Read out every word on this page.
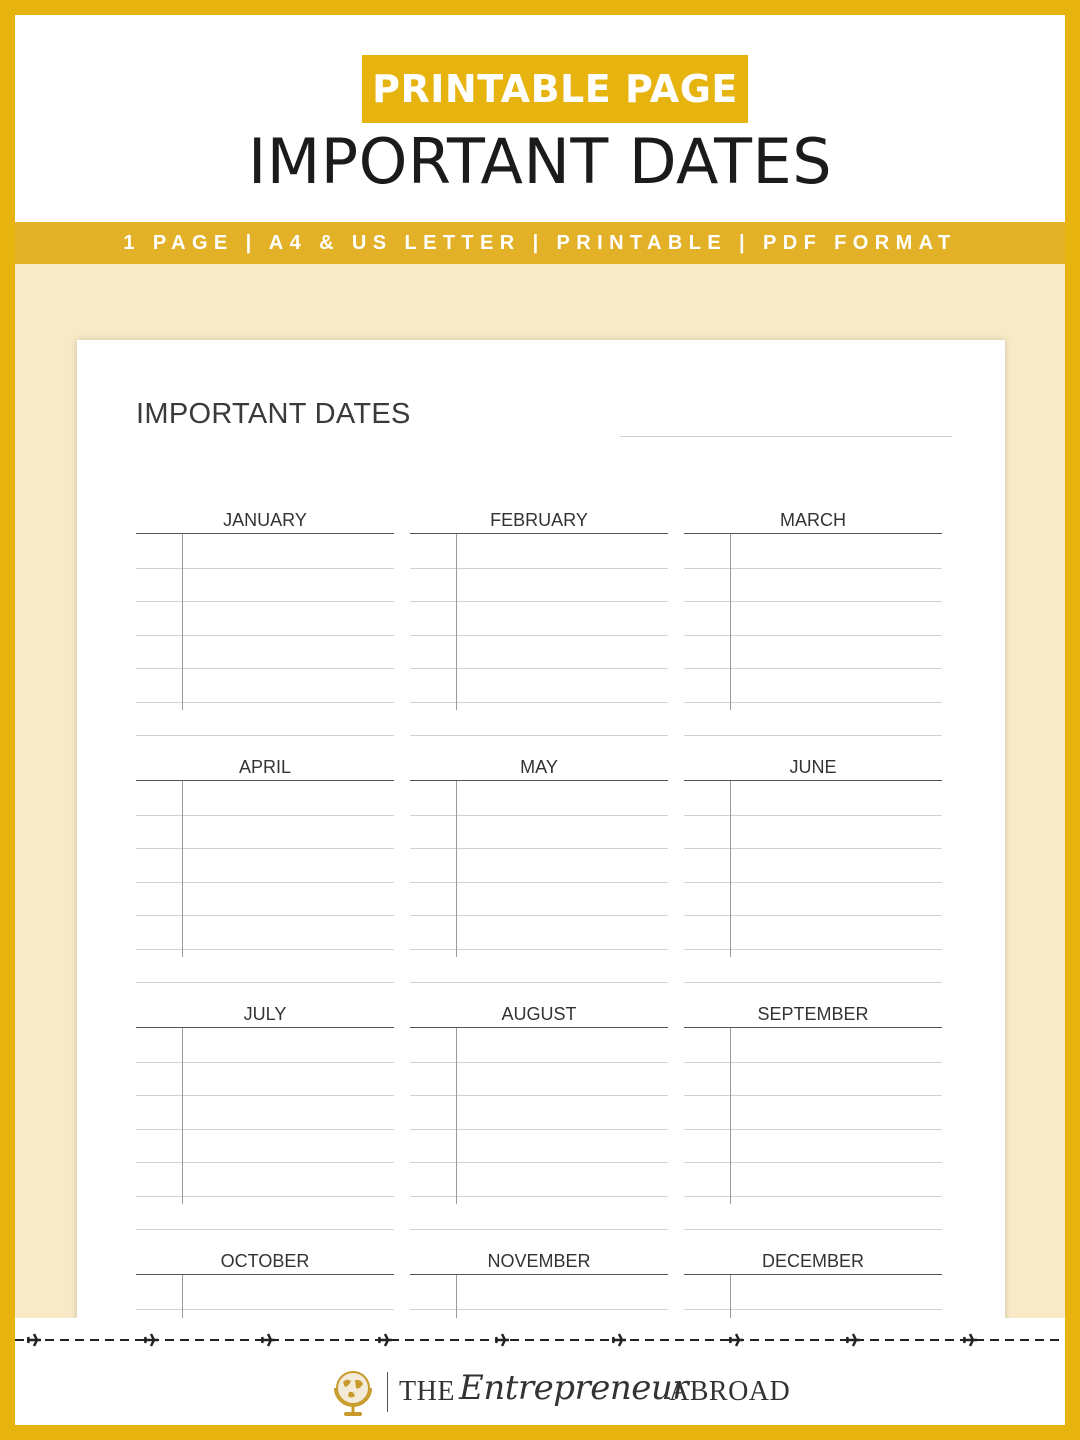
PRINTABLE PAGE
IMPORTANT DATES
1 PAGE | A4 & US LETTER | PRINTABLE | PDF FORMAT
IMPORTANT DATES
JANUARY	FEBRUARY	MARCH
APRIL	MAY	JUNE
JULY	AUGUST	SEPTEMBER
OCTOBER	NOVEMBER	DECEMBER
THE Entrepreneur
ABROAD
